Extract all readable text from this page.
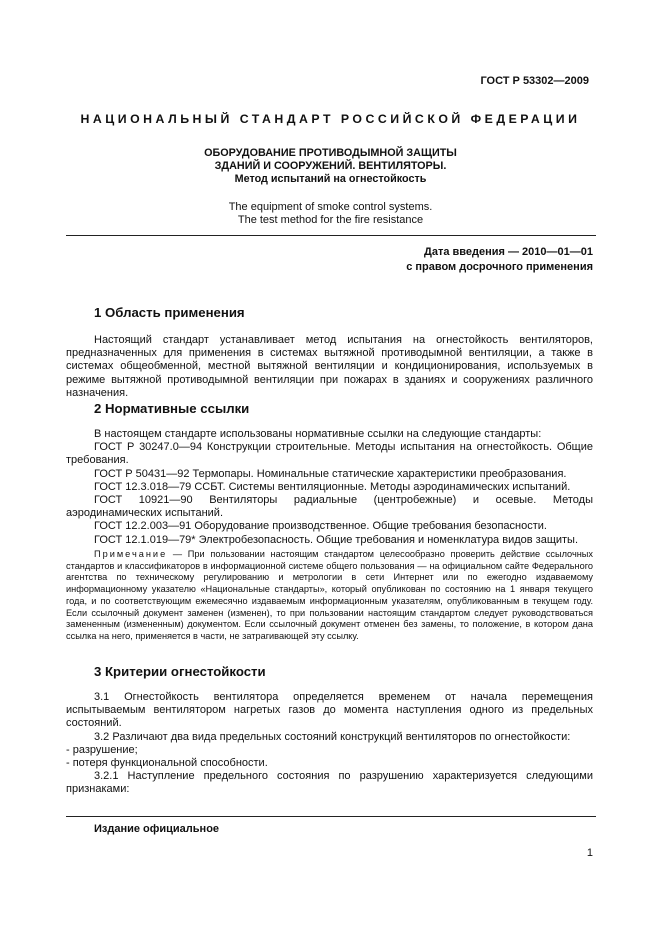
ГОСТ Р 53302—2009
НАЦИОНАЛЬНЫЙ СТАНДАРТ РОССИЙСКОЙ ФЕДЕРАЦИИ
ОБОРУДОВАНИЕ ПРОТИВОДЫМНОЙ ЗАЩИТЫ
ЗДАНИЙ И СООРУЖЕНИЙ. ВЕНТИЛЯТОРЫ.
Метод испытаний на огнестойкость
The equipment of smoke control systems.
The test method for the fire resistance
Дата введения — 2010—01—01
с правом досрочного применения
1 Область применения

Настоящий стандарт устанавливает метод испытания на огнестойкость вентиляторов, предназначенных для применения в системах вытяжной противодымной вентиляции, а также в системах общеобменной, местной вытяжной вентиляции и кондиционирования, используемых в режиме вытяжной противодымной вентиляции при пожарах в зданиях и сооружениях различного назначения.

2 Нормативные ссылки

В настоящем стандарте использованы нормативные ссылки на следующие стандарты:

ГОСТ Р 30247.0—94 Конструкции строительные. Методы испытания на огнестойкость. Общие требования.

ГОСТ Р 50431—92 Термопары. Номинальные статические характеристики преобразования.

ГОСТ 12.3.018—79 ССБТ. Системы вентиляционные. Методы аэродинамических испытаний.

ГОСТ 10921—90 Вентиляторы радиальные (центробежные) и осевые. Методы аэродинамических испытаний.

ГОСТ 12.2.003—91 Оборудование производственное. Общие требования безопасности.

ГОСТ 12.1.019—79* Электробезопасность. Общие требования и номенклатура видов защиты.

Примечание — При пользовании настоящим стандартом целесообразно проверить действие ссылочных стандартов и классификаторов в информационной системе общего пользования — на официальном сайте Федерального агентства по техническому регулированию и метрологии в сети Интернет или по ежегодно издаваемому информационному указателю «Национальные стандарты», который опубликован по состоянию на 1 января текущего года, и по соответствующим ежемесячно издаваемым информационным указателям, опубликованным в текущем году. Если ссылочный документ заменен (изменен), то при пользовании настоящим стандартом следует руководствоваться замененным (измененным) документом. Если ссылочный документ отменен без замены, то положение, в котором дана ссылка на него, применяется в части, не затрагивающей эту ссылку.
3 Критерии огнестойкости

3.1 Огнестойкость вентилятора определяется временем от начала перемещения испытываемым вентилятором нагретых газов до момента наступления одного из предельных состояний.

3.2 Различают два вида предельных состояний конструкций вентиляторов по огнестойкости:

- разрушение;

- потеря функциональной способности.

3.2.1 Наступление предельного состояния по разрушению характеризуется следующими признаками:

Издание официальное
1
